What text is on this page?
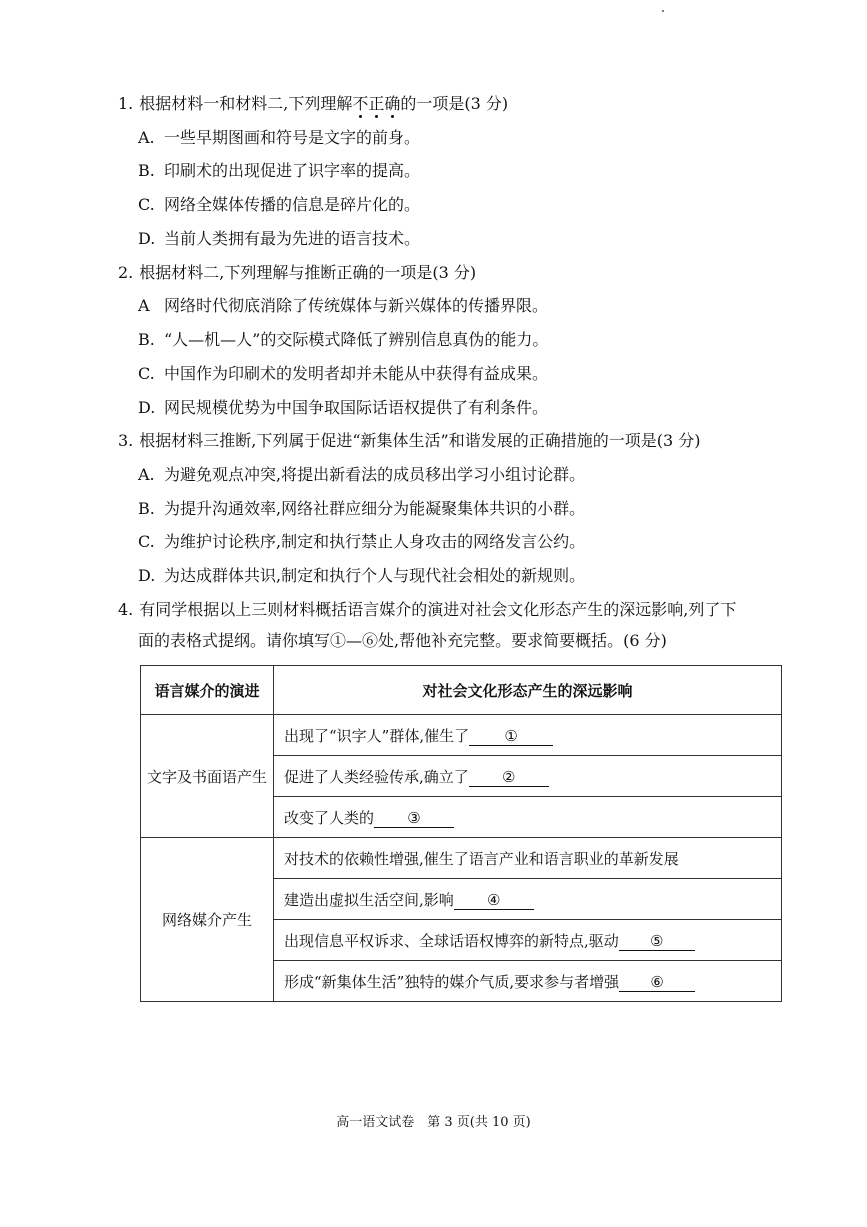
1. 根据材料一和材料二,下列理解不正确的一项是(3 分)
A. 一些早期图画和符号是文字的前身。
B. 印刷术的出现促进了识字率的提高。
C. 网络全媒体传播的信息是碎片化的。
D. 当前人类拥有最为先进的语言技术。
2. 根据材料二,下列理解与推断正确的一项是(3 分)
A 网络时代彻底消除了传统媒体与新兴媒体的传播界限。
B. “人—机—人”的交际模式降低了辨别信息真伪的能力。
C. 中国作为印刷术的发明者却并未能从中获得有益成果。
D. 网民规模优势为中国争取国际话语权提供了有利条件。
3. 根据材料三推断,下列属于促进“新集体生活”和谐发展的正确措施的一项是(3 分)
A. 为避免观点冲突,将提出新看法的成员移出学习小组讨论群。
B. 为提升沟通效率,网络社群应细分为能凝聚集体共识的小群。
C. 为维护讨论秩序,制定和执行禁止人身攻击的网络发言公约。
D. 为达成群体共识,制定和执行个人与现代社会相处的新规则。
4. 有同学根据以上三则材料概括语言媒介的演进对社会文化形态产生的深远影响,列了下
面的表格式提纲。请你填写①—⑥处,帮他补充完整。要求简要概括。(6 分)
语言媒介的演进	对社会文化形态产生的深远影响
文字及书面语产生	出现了“识字人”群体,催生了 ①
	促进了人类经验传承,确立了 ②
	改变了人类的 ③
网络媒介产生	对技术的依赖性增强,催生了语言产业和语言职业的革新发展
	建造出虚拟生活空间,影响 ④
	出现信息平权诉求、全球话语权博弈的新特点,驱动 ⑤
	形成“新集体生活”独特的媒介气质,要求参与者增强 ⑥
高一语文试卷　第 3 页(共 10 页)
